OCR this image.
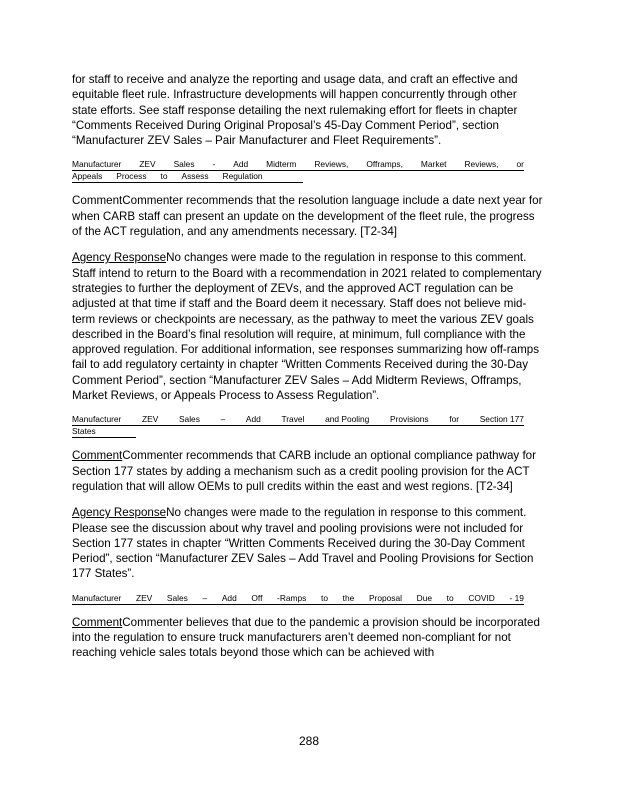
for staff to receive and analyze the reporting and usage data, and craft an effective and equitable fleet rule. Infrastructure developments will happen concurrently through other state efforts. See staff response detailing the next rulemaking effort for fleets in chapter “Comments Received During Original Proposal’s 45-Day Comment Period”, section “Manufacturer ZEV Sales – Pair Manufacturer and Fleet Requirements”.

Manufacturer ZEV Sales - Add Midterm Reviews, Offramps, Market Reviews, or
Appeals Process to Assess Regulation

CommentCommenter recommends that the resolution language include a date next year for when CARB staff can present an update on the development of the fleet rule, the progress of the ACT regulation, and any amendments necessary. [T2-34]

Agency ResponseNo changes were made to the regulation in response to this comment. Staff intend to return to the Board with a recommendation in 2021 related to complementary strategies to further the deployment of ZEVs, and the approved ACT regulation can be adjusted at that time if staff and the Board deem it necessary. Staff does not believe mid-term reviews or checkpoints are necessary, as the pathway to meet the various ZEV goals described in the Board’s final resolution will require, at minimum, full compliance with the approved regulation. For additional information, see responses summarizing how off-ramps fail to add regulatory certainty in chapter “Written Comments Received during the 30-Day Comment Period”, section “Manufacturer ZEV Sales – Add Midterm Reviews, Offramps, Market Reviews, or Appeals Process to Assess Regulation”.

Manufacturer ZEV Sales – Add Travel and Pooling Provisions for Section 177
States

CommentCommenter recommends that CARB include an optional compliance pathway for Section 177 states by adding a mechanism such as a credit pooling provision for the ACT regulation that will allow OEMs to pull credits within the east and west regions. [T2-34]

Agency ResponseNo changes were made to the regulation in response to this comment. Please see the discussion about why travel and pooling provisions were not included for Section 177 states in chapter “Written Comments Received during the 30-Day Comment Period”, section “Manufacturer ZEV Sales – Add Travel and Pooling Provisions for Section 177 States”.

Manufacturer ZEV Sales – Add Off -Ramps to the Proposal Due to COVID - 19

CommentCommenter believes that due to the pandemic a provision should be incorporated into the regulation to ensure truck manufacturers aren’t deemed non-compliant for not reaching vehicle sales totals beyond those which can be achieved with

288
